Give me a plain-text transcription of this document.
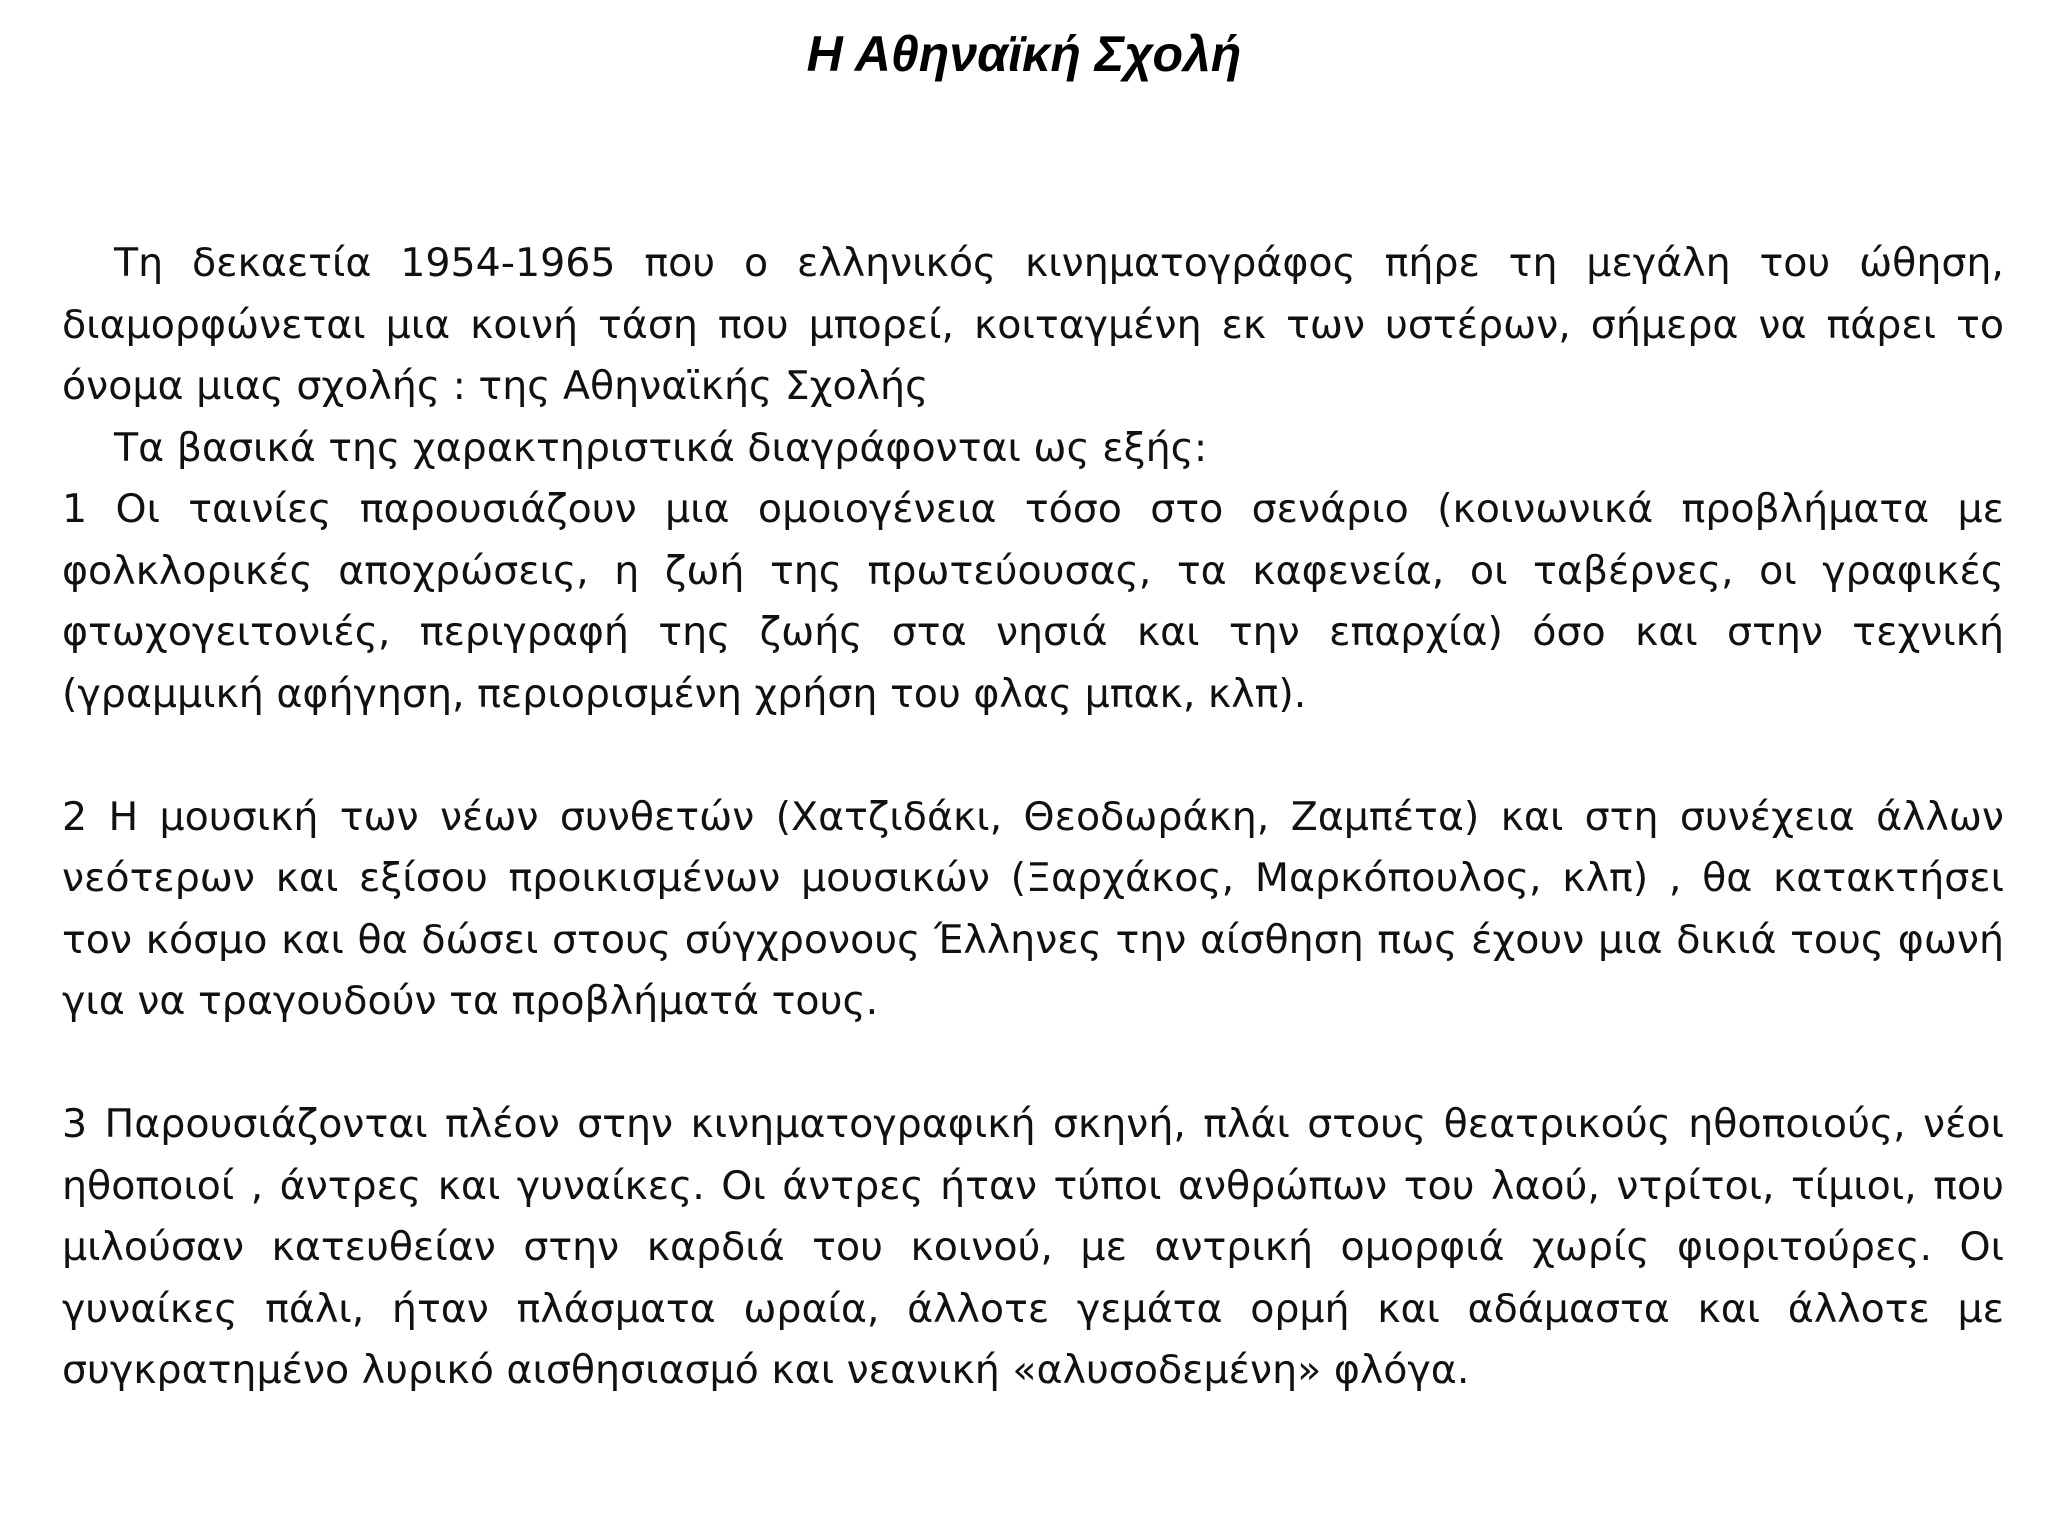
Η Αθηναϊκή Σχολή

Τη δεκαετία 1954-1965 που ο ελληνικός κινηματογράφος πήρε τη μεγάλη του ώθηση, διαμορφώνεται μια κοινή τάση που μπορεί, κοιταγμένη εκ των υστέρων, σήμερα να πάρει το όνομα μιας σχολής : της Αθηναϊκής Σχολής

Τα βασικά της χαρακτηριστικά διαγράφονται ως εξής:

1 Οι ταινίες παρουσιάζουν μια ομοιογένεια τόσο στο σενάριο (κοινωνικά προβλήματα με φολκλορικές αποχρώσεις, η ζωή της πρωτεύουσας, τα καφενεία, οι ταβέρνες, οι γραφικές φτωχογειτονιές, περιγραφή της ζωής στα νησιά και την επαρχία) όσο και στην τεχνική (γραμμική αφήγηση, περιορισμένη χρήση του φλας μπακ, κλπ).

2 Η μουσική των νέων συνθετών (Χατζιδάκι, Θεοδωράκη, Ζαμπέτα) και στη συνέχεια άλλων νεότερων και εξίσου προικισμένων μουσικών (Ξαρχάκος, Μαρκόπουλος, κλπ) , θα κατακτήσει τον κόσμο και θα δώσει στους σύγχρονους Έλληνες την αίσθηση πως έχουν μια δικιά τους φωνή για να τραγουδούν τα προβλήματά τους.

3 Παρουσιάζονται πλέον στην κινηματογραφική σκηνή, πλάι στους θεατρικούς ηθοποιούς, νέοι ηθοποιοί , άντρες και γυναίκες. Οι άντρες ήταν τύποι ανθρώπων του λαού, ντρίτοι, τίμιοι, που μιλούσαν κατευθείαν στην καρδιά του κοινού, με αντρική ομορφιά χωρίς φιοριτούρες. Οι γυναίκες πάλι, ήταν πλάσματα ωραία, άλλοτε γεμάτα ορμή και αδάμαστα και άλλοτε με συγκρατημένο λυρικό αισθησιασμό και νεανική «αλυσοδεμένη» φλόγα.
